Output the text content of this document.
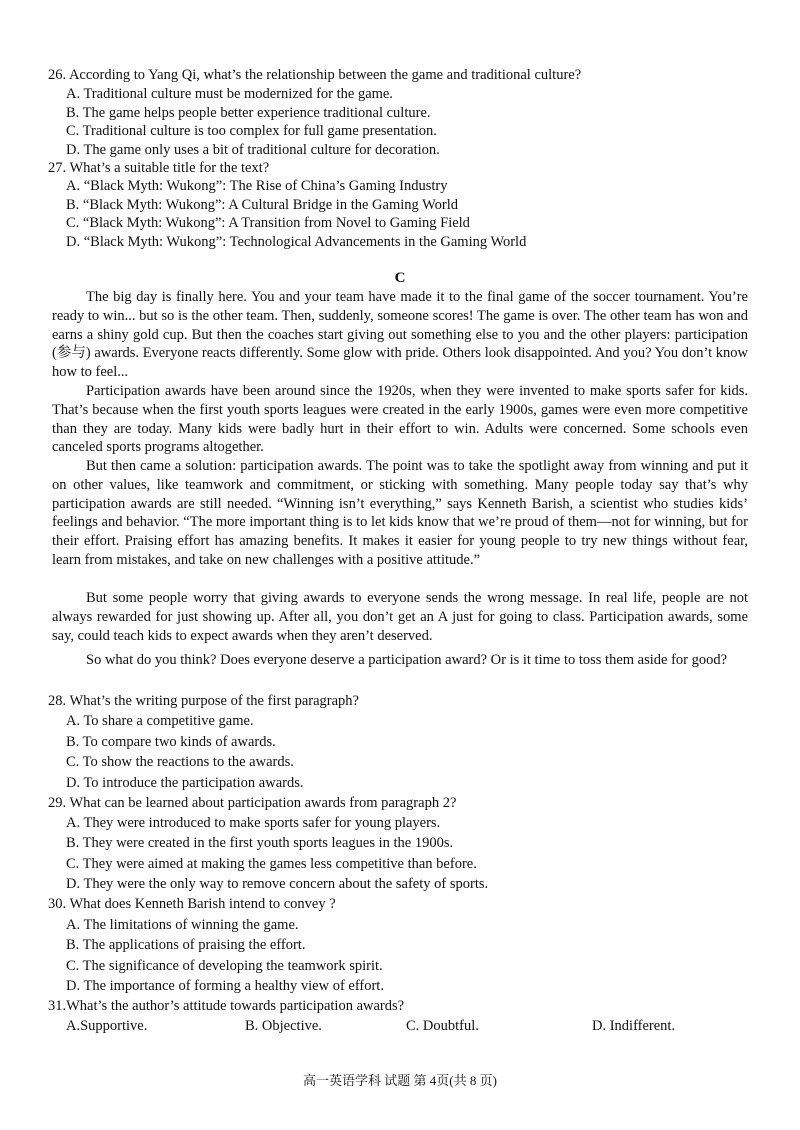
26. According to Yang Qi, what’s the relationship between the game and traditional culture?
A. Traditional culture must be modernized for the game.
B. The game helps people better experience traditional culture.
C. Traditional culture is too complex for full game presentation.
D. The game only uses a bit of traditional culture for decoration.
27. What’s a suitable title for the text?
A. “Black Myth: Wukong”: The Rise of China’s Gaming Industry
B. “Black Myth: Wukong”: A Cultural Bridge in the Gaming World
C. “Black Myth: Wukong”: A Transition from Novel to Gaming Field
D. “Black Myth: Wukong”: Technological Advancements in the Gaming World
C

The big day is finally here. You and your team have made it to the final game of the soccer tournament. You’re ready to win... but so is the other team. Then, suddenly, someone scores! The game is over. The other team has won and earns a shiny gold cup. But then the coaches start giving out something else to you and the other players: participation (参与) awards. Everyone reacts differently. Some glow with pride. Others look disappointed. And you? You don’t know how to feel...

Participation awards have been around since the 1920s, when they were invented to make sports safer for kids. That’s because when the first youth sports leagues were created in the early 1900s, games were even more competitive than they are today. Many kids were badly hurt in their effort to win. Adults were concerned. Some schools even canceled sports programs altogether.

But then came a solution: participation awards. The point was to take the spotlight away from winning and put it on other values, like teamwork and commitment, or sticking with something. Many people today say that’s why participation awards are still needed. “Winning isn’t everything,” says Kenneth Barish, a scientist who studies kids’ feelings and behavior. “The more important thing is to let kids know that we’re proud of them—not for winning, but for their effort. Praising effort has amazing benefits. It makes it easier for young people to try new things without fear, learn from mistakes, and take on new challenges with a positive attitude.”

But some people worry that giving awards to everyone sends the wrong message. In real life, people are not always rewarded for just showing up. After all, you don’t get an A just for going to class. Participation awards, some say, could teach kids to expect awards when they aren’t deserved.

So what do you think? Does everyone deserve a participation award? Or is it time to toss them aside for good?

28. What’s the writing purpose of the first paragraph?
A. To share a competitive game.
B. To compare two kinds of awards.
C. To show the reactions to the awards.
D. To introduce the participation awards.
29. What can be learned about participation awards from paragraph 2?
A. They were introduced to make sports safer for young players.
B. They were created in the first youth sports leagues in the 1900s.
C. They were aimed at making the games less competitive than before.
D. They were the only way to remove concern about the safety of sports.
30. What does Kenneth Barish intend to convey ?
A. The limitations of winning the game.
B. The applications of praising the effort.
C. The significance of developing the teamwork spirit.
D. The importance of forming a healthy view of effort.
31.What’s the author’s attitude towards participation awards?
A.Supportive.	B. Objective.	C. Doubtful.	D. Indifferent.
高一英语学科 试题 第 4页(共 8 页)
